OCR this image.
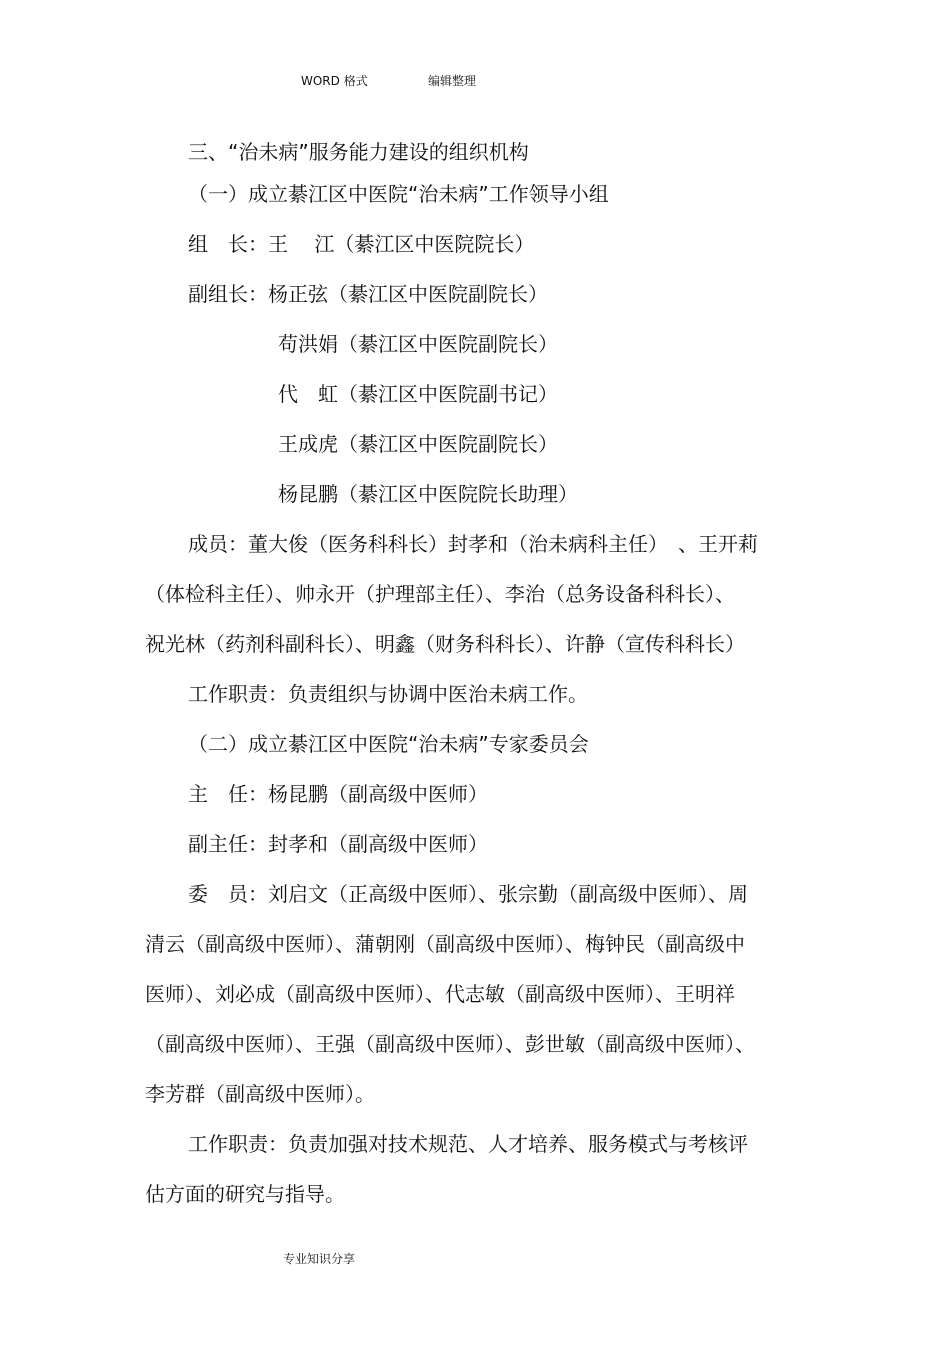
WORD 格式	编辑整理
三、“治未病”服务能力建设的组织机构
（一）成立綦江区中医院“治未病”工作领导小组
组　长：王　 江（綦江区中医院院长）
副组长：杨正弦（綦江区中医院副院长）
苟洪娟（綦江区中医院副院长）
代　虹（綦江区中医院副书记）
王成虎（綦江区中医院副院长）
杨昆鹏（綦江区中医院院长助理）
成员：董大俊（医务科科长）封孝和（治未病科主任）　、王开莉
（体检科主任）、帅永开（护理部主任）、李治（总务设备科科长）、
祝光林（药剂科副科长）、明鑫（财务科科长）、许静（宣传科科长）
工作职责：负责组织与协调中医治未病工作。
（二）成立綦江区中医院“治未病”专家委员会
主　任：杨昆鹏（副高级中医师）
副主任：封孝和（副高级中医师）
委　员：刘启文（正高级中医师）、张宗勤（副高级中医师）、周
清云（副高级中医师）、蒲朝刚（副高级中医师）、梅钟民（副高级中
医师）、刘必成（副高级中医师）、代志敏（副高级中医师）、王明祥
（副高级中医师）、王强（副高级中医师）、彭世敏（副高级中医师）、
李芳群（副高级中医师）。
工作职责：负责加强对技术规范、人才培养、服务模式与考核评
估方面的研究与指导。
专业知识分享
